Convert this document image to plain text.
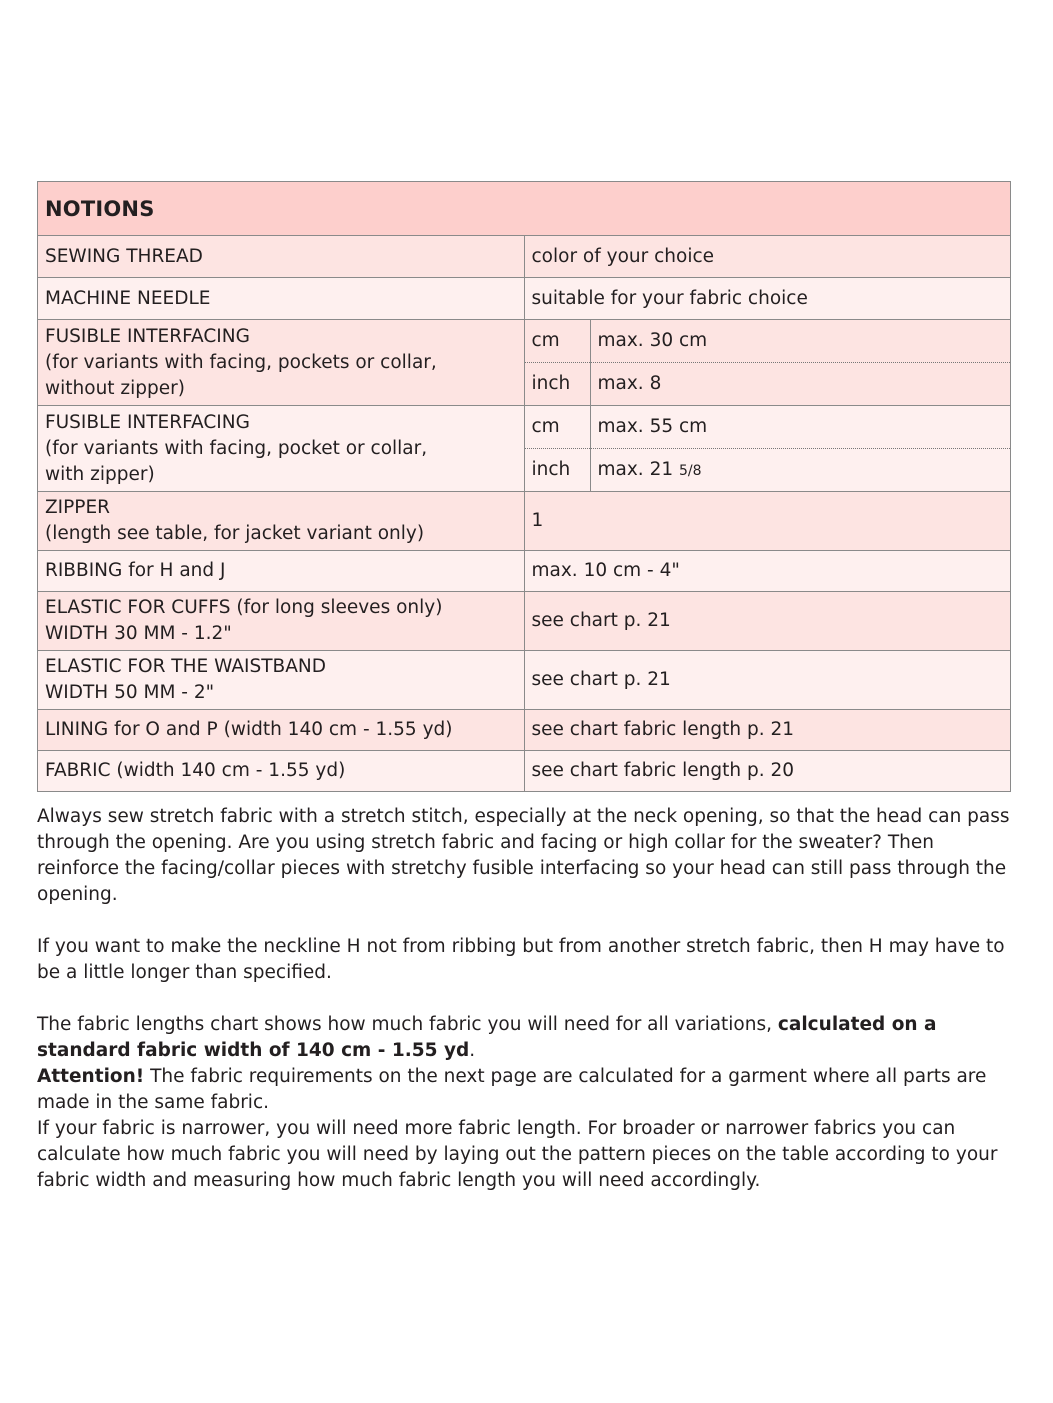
NOTIONS
SEWING THREAD	color of your choice
MACHINE NEEDLE	suitable for your fabric choice

FUSIBLE INTERFACING
(for variants with facing, pockets or collar,
without zipper)

cm	max. 30 cm
inch	max. 8

FUSIBLE INTERFACING
(for variants with facing, pocket or collar,
with zipper)

cm	max. 55 cm
inch	max. 21 5/8

ZIPPER
(length see table, for jacket variant only)
	1
RIBBING for H and J	max. 10 cm - 4"

ELASTIC FOR CUFFS (for long sleeves only)
WIDTH 30 MM - 1.2"
	see chart p. 21

ELASTIC FOR THE WAISTBAND
WIDTH 50 MM - 2"
	see chart p. 21
LINING for O and P (width 140 cm - 1.55 yd)	see chart fabric length p. 21
FABRIC (width 140 cm - 1.55 yd)	see chart fabric length p. 20

Always sew stretch fabric with a stretch stitch, especially at the neck opening, so that the head can pass through the opening. Are you using stretch fabric and facing or high collar for the sweater? Then reinforce the facing/collar pieces with stretchy fusible interfacing so your head can still pass through the opening.

If you want to make the neckline H not from ribbing but from another stretch fabric, then H may have to be a little longer than specified.

The fabric lengths chart shows how much fabric you will need for all variations, calculated on a standard fabric width of 140 cm - 1.55 yd.

Attention! The fabric requirements on the next page are calculated for a garment where all parts are made in the same fabric.

If your fabric is narrower, you will need more fabric length. For broader or narrower fabrics you can calculate how much fabric you will need by laying out the pattern pieces on the table according to your fabric width and measuring how much fabric length you will need accordingly.
